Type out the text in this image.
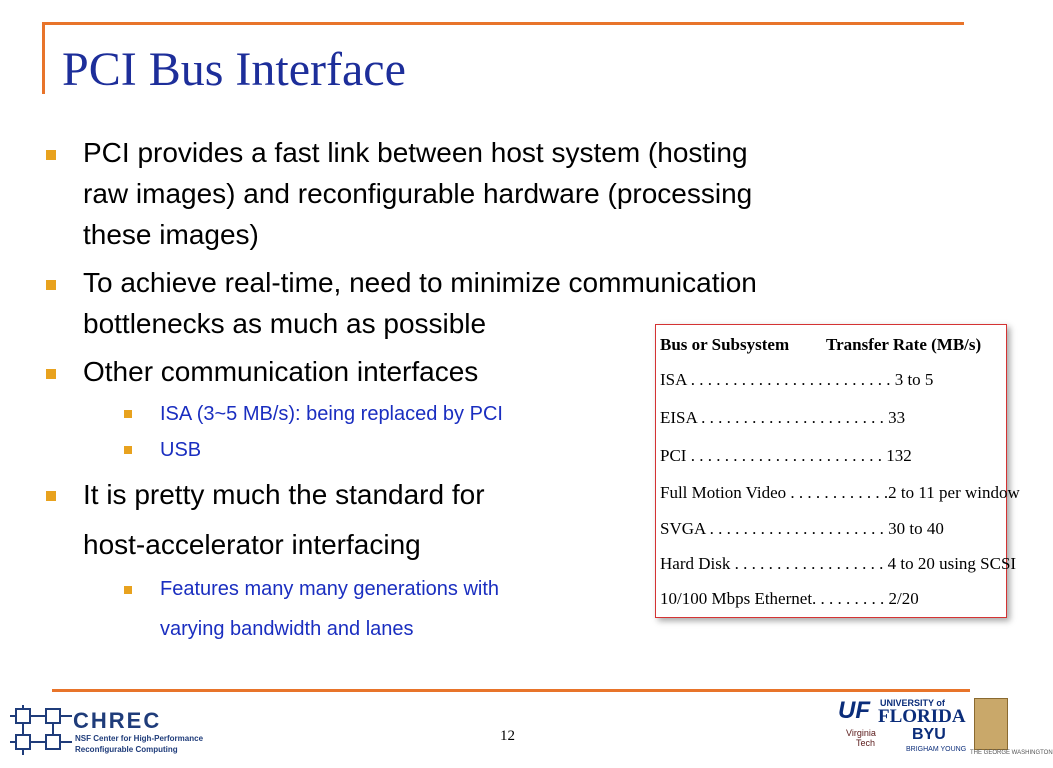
PCI Bus Interface
PCI provides a fast link between host system (hosting
raw images) and reconfigurable hardware (processing
these images)
To achieve real-time, need to minimize communication
bottlenecks as much as possible
Other communication interfaces
ISA (3~5 MB/s): being replaced by PCI
USB
It is pretty much the standard for
host-accelerator interfacing
Features many many generations with
varying bandwidth and lanes
Bus or Subsystem Transfer Rate (MB/s)
ISA . . . . . . . . . . . . . . . . . . . . . . . . 3 to 5
EISA . . . . . . . . . . . . . . . . . . . . . . 33
PCI . . . . . . . . . . . . . . . . . . . . . . . 132
Full Motion Video . . . . . . . . . . . .2 to 11 per window
SVGA . . . . . . . . . . . . . . . . . . . . . 30 to 40
Hard Disk . . . . . . . . . . . . . . . . . . 4 to 20 using SCSI
10/100 Mbps Ethernet. . . . . . . . . 2/20
CHREC
NSF Center for High-Performance
Reconfigurable Computing
12
UF UNIVERSITY of
FLORIDA
Virginia
Tech BYU
BRIGHAM YOUNG THE GEORGE WASHINGTON
